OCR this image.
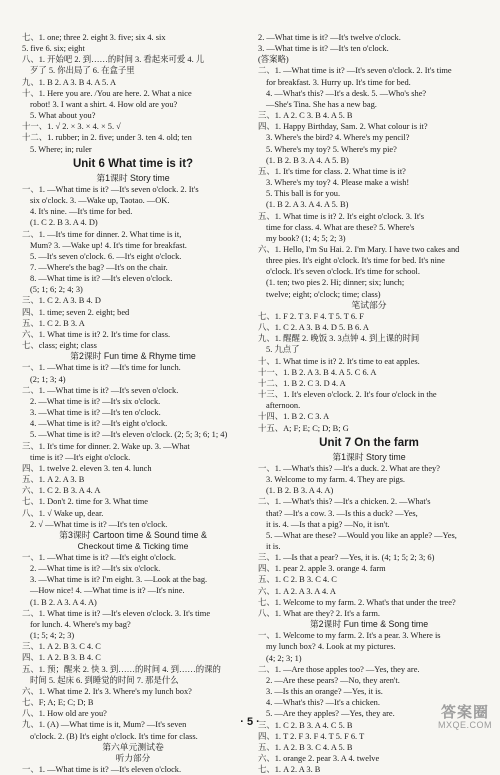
七、1. one; three 2. eight 3. five; six 4. six
5. five 6. six; eight
八、1. 开始吧 2. 到……的时间 3. 看起来可爱 4. 儿
歹了 5. 你出局了 6. 在盒子里
九、1. B 2. A 3. B 4. A 5. A
十、1. Here you are. /You are here. 2. What a nice
robot! 3. I want a shirt. 4. How old are you?
5. What about you?
十一、1. √ 2. × 3. × 4. × 5. √
十二、1. rubber; in 2. five; under 3. ten 4. old; ten
5. Where; in; ruler
Unit 6 What time is it?
第1课时 Story time
一、1. —What time is it? —It's seven o'clock. 2. It's
six o'clock. 3. —Wake up, Taotao. —OK.
4. It's nine. —It's time for bed.
(1. C 2. B 3. A 4. D)
二、1. —It's time for dinner. 2. What time is it,
Mum? 3. —Wake up! 4. It's time for breakfast.
5. —It's seven o'clock. 6. —It's eight o'clock.
7. —Where's the bag? —It's on the chair.
8. —What time is it? —It's eleven o'clock.
(5; 1; 6; 2; 4; 3)
三、1. C 2. A 3. B 4. D
四、1. time; seven 2. eight; bed
五、1. C 2. B 3. A
六、1. What time is it? 2. It's time for class.
七、class; eight; class
第2课时 Fun time & Rhyme time
一、1. —What time is it? —It's time for lunch.
(2; 1; 3; 4)
二、1. —What time is it? —It's seven o'clock.
2. —What time is it? —It's six o'clock.
3. —What time is it? —It's ten o'clock.
4. —What time is it? —It's eight o'clock.
5. —What time is it? —It's eleven o'clock. (2; 5; 3; 6; 1; 4)
三、1. It's time for dinner. 2. Wake up. 3. —What
time is it? —It's eight o'clock.
四、1. twelve 2. eleven 3. ten 4. lunch
五、1. A 2. A 3. B
六、1. C 2. B 3. A 4. A
七、1. Don't 2. time for 3. What time
八、1. √ Wake up, dear.
2. √ —What time is it? —It's ten o'clock.
第3课时 Cartoon time & Sound time &
Checkout time & Ticking time
一、1. —What time is it? —It's eight o'clock.
2. —What time is it? —It's six o'clock.
3. —What time is it? I'm eight. 3. —Look at the bag.
—How nice! 4. —What time is it? —It's nine.
(1. B 2. A 3. A 4. A)
二、1. What time is it? —It's eleven o'clock. 3. It's time
for lunch. 4. Where's my bag?
(1; 5; 4; 2; 3)
三、1. A 2. B 3. C 4. C
四、1. A 2. B 3. B 4. C
五、1. 预；醒来 2. 快 3. 到……的时间 4. 到……的课的
时间 5. 起床 6. 到睡觉的时间 7. 那是什么
六、1. What time 2. It's 3. Where's my lunch box?
七、F; A; E; C; D; B
八、1. How old are you?
九、1. (A) —What time is it, Mum? —It's seven
o'clock. 2. (B) It's eight o'clock. It's time for class.
第六单元测试卷
听力部分
一、1. —What time is it? —It's eleven o'clock.
2. —What time is it? —It's twelve o'clock.
3. —What time is it? —It's ten o'clock.
(答案略)
二、1. —What time is it? —It's seven o'clock. 2. It's time
for breakfast. 3. Hurry up. It's time for bed.
4. —What's this? —It's a desk. 5. —Who's she?
—She's Tina. She has a new bag.
三、1. A 2. C 3. B 4. A 5. B
四、1. Happy Birthday, Sam. 2. What colour is it?
3. Where's the bird? 4. Where's my pencil?
5. Where's my toy? 5. Where's my pie?
(1. B 2. B 3. A 4. A 5. B)
五、1. It's time for class. 2. What time is it?
3. Where's my toy? 4. Please make a wish!
5. This ball is for you.
(1. B 2. A 3. A 4. A 5. B)
五、1. What time is it? 2. It's eight o'clock. 3. It's
time for class. 4. What are these? 5. Where's
my book? (1; 4; 5; 2; 3)
六、1. Hello, I'm Su Hai. 2. I'm Mary. I have two cakes and
three pies. It's eight o'clock. It's time for bed. It's nine
o'clock. It's seven o'clock. It's time for school.
(1. ten; two pies 2. Hi; dinner; six; lunch;
twelve; eight; o'clock; time; class)
笔试部分
七、1. F 2. T 3. F 4. T 5. T 6. F
八、1. C 2. A 3. B 4. D 5. B 6. A
九、1. 醒醒 2. 晚饭 3. 3点钟 4. 到上课的时间
5. 九点了
十、1. What time is it? 2. It's time to eat apples.
十一、1. B 2. A 3. B 4. A 5. C 6. A
十二、1. B 2. C 3. D 4. A
十三、1. It's eleven o'clock. 2. It's four o'clock in the
afternoon.
十四、1. B 2. C 3. A
十五、A; F; E; C; D; B; G
Unit 7 On the farm
第1课时 Story time
一、1. —What's this? —It's a duck. 2. What are they?
3. Welcome to my farm. 4. They are pigs.
(1. B 2. B 3. A 4. A)
二、1. —What's this? —It's a chicken. 2. —What's
that? —It's a cow. 3. —Is this a duck? —Yes,
it is. 4. —Is that a pig? —No, it isn't.
5. —What are these? —Would you like an apple? —Yes,
it is.
三、1. —Is that a pear? —Yes, it is. (4; 1; 5; 2; 3; 6)
四、1. pear 2. apple 3. orange 4. farm
五、1. C 2. B 3. C 4. C
六、1. A 2. A 3. A 4. A
七、1. Welcome to my farm. 2. What's that under the tree?
八、1. What are they? 2. It's a farm.
第2课时 Fun time & Song time
一、1. Welcome to my farm. 2. It's a pear. 3. Where is
my lunch box? 4. Look at my pictures.
(4; 2; 3; 1)
二、1. —Are those apples too? —Yes, they are.
2. —Are these pears? —No, they aren't.
3. —Is this an orange? —Yes, it is.
4. —What's this? —It's a chicken.
5. —Are they apples? —Yes, they are.
三、1. C 2. B 3. A 4. C 5. B
四、1. T 2. F 3. F 4. T 5. F 6. T
五、1. A 2. B 3. C 4. A 5. B
六、1. orange 2. pear 3. A 4. twelve
七、1. A 2. A 3. B
· 5 ·
答案圈
MXQE.COM
